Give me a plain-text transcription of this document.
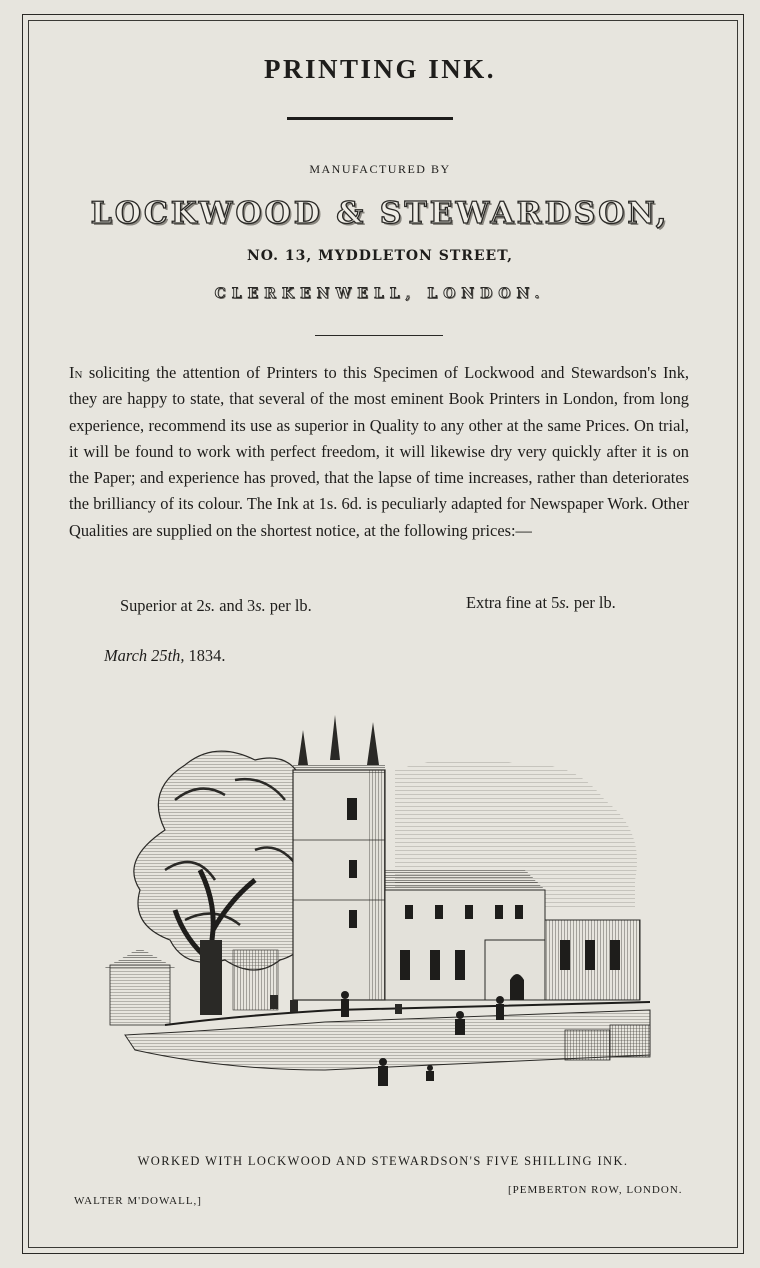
PRINTING INK.
MANUFACTURED BY
LOCKWOOD & STEWARDSON,
NO. 13, MYDDLETON STREET,
CLERKENWELL, LONDON.
In soliciting the attention of Printers to this Specimen of Lockwood and Stewardson's Ink, they are happy to state, that several of the most eminent Book Printers in London, from long experience, recommend its use as superior in Quality to any other at the same Prices. On trial, it will be found to work with perfect freedom, it will likewise dry very quickly after it is on the Paper; and experience has proved, that the lapse of time increases, rather than deteriorates the brilliancy of its colour. The Ink at 1s. 6d. is peculiarly adapted for Newspaper Work. Other Qualities are supplied on the shortest notice, at the following prices:—
Superior at 2s. and 3s. per lb.	Extra fine at 5s. per lb.
March 25th, 1834.
WORKED WITH LOCKWOOD AND STEWARDSON'S FIVE SHILLING INK.
WALTER M'DOWALL,]
[PEMBERTON ROW, LONDON.
